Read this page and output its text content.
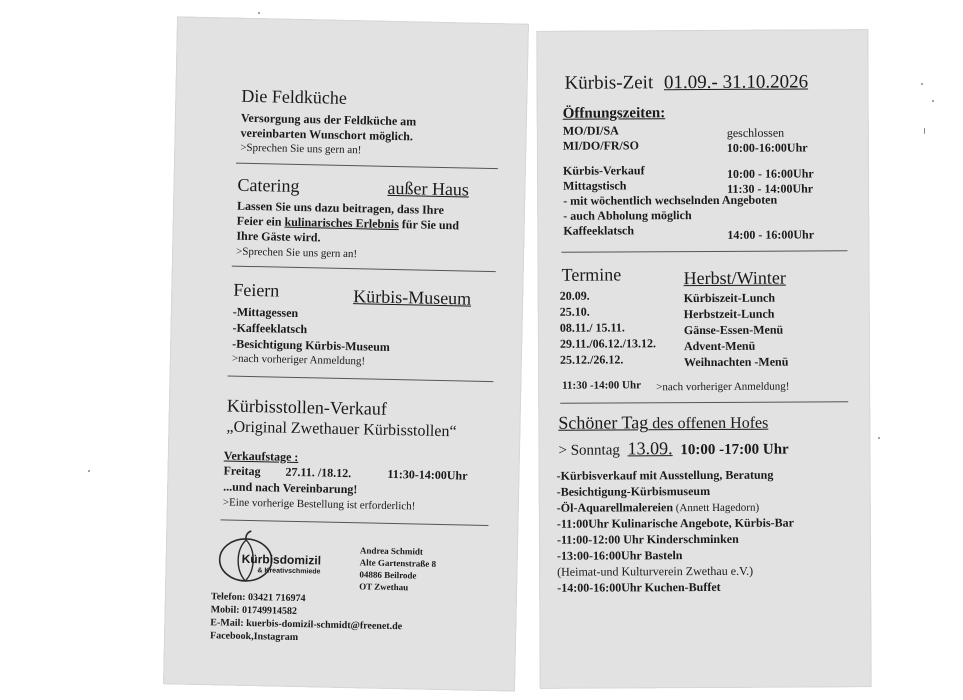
Die Feldküche
Versorgung aus der Feldküche am
vereinbarten Wunschort möglich.
>Sprechen Sie uns gern an!
Catering	außer Haus
Lassen Sie uns dazu beitragen, dass Ihre
Feier ein kulinarisches Erlebnis für Sie und
Ihre Gäste wird.
>Sprechen Sie uns gern an!
Feiern	Kürbis-Museum
-Mittagessen
-Kaffeeklatsch
-Besichtigung Kürbis-Museum
>nach vorheriger Anmeldung!
Kürbisstollen-Verkauf
„Original Zwethauer Kürbisstollen“
Verkaufstage :
Freitag 27.11. /18.12.	11:30-14:00Uhr
...und nach Vereinbarung!
>Eine vorherige Bestellung ist erforderlich!
Kürbisdomizil
& Kreativschmiede
Andrea Schmidt
Alte Gartenstraße 8
04886 Beilrode
OT Zwethau
Telefon: 03421 716974
Mobil: 01749914582
E-Mail: kuerbis-domizil-schmidt@freenet.de
Facebook,Instagram
Kürbis-Zeit 01.09.- 31.10.2026
Öffnungszeiten:
MO/DI/SA	geschlossen
MI/DO/FR/SO	10:00-16:00Uhr
Kürbis-Verkauf	10:00 - 16:00Uhr
Mittagstisch	11:30 - 14:00Uhr
- mit wöchentlich wechselnden Angeboten
- auch Abholung möglich
Kaffeeklatsch	14:00 - 16:00Uhr
Termine	Herbst/Winter
20.09.	Kürbiszeit-Lunch
25.10.	Herbstzeit-Lunch
08.11./ 15.11.	Gänse-Essen-Menü
29.11./06.12./13.12. Advent-Menü
25.12./26.12.	Weihnachten -Menü
11:30 -14:00 Uhr >nach vorheriger Anmeldung!
Schöner Tag des offenen Hofes
> Sonntag 13.09. 10:00 -17:00 Uhr
-Kürbisverkauf mit Ausstellung, Beratung
-Besichtigung-Kürbismuseum
-Öl-Aquarellmalereien (Annett Hagedorn)
-11:00Uhr Kulinarische Angebote, Kürbis-Bar
-11:00-12:00 Uhr Kinderschminken
-13:00-16:00Uhr Basteln
(Heimat-und Kulturverein Zwethau e.V.)
-14:00-16:00Uhr Kuchen-Buffet
